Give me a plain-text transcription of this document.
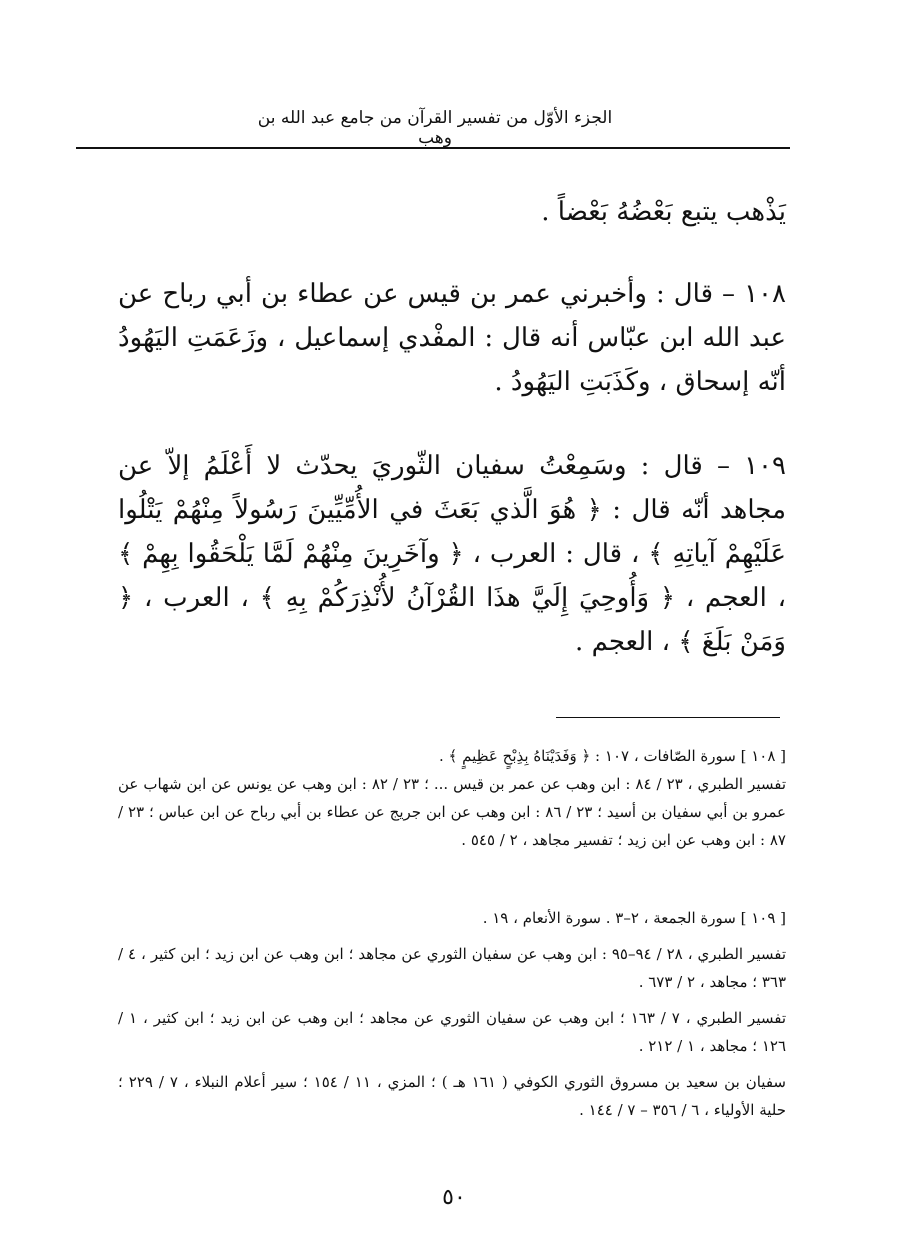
الجزء الأوّل من تفسير القرآن من جامع عبد الله بن وهب

يَذْهب يتبع بَعْضُهُ بَعْضاً .

١٠٨ – قال : وأخبرني عمر بن قيس عن عطاء بن أبي رباح عن عبد الله ابن عبّاس أنه قال : المفْدي إسماعيل ، وزَعَمَتِ اليَهُودُ أنّه إسحاق ، وكَذَبَتِ اليَهُودُ .

١٠٩ – قال : وسَمِعْتُ سفيان الثّوريَ يحدّث لا أَعْلَمُ إلاّ عن مجاهد أنّه قال : ﴿ هُوَ الَّذي بَعَثَ في الأُمِّيِّينَ رَسُولاً مِنْهُمْ يَتْلُوا عَلَيْهِمْ آياتِهِ ﴾ ، قال : العرب ، ﴿ وآخَرِينَ مِنْهُمْ لَمَّا يَلْحَقُوا بِهِمْ ﴾ ، العجم ، ﴿ وَأُوحِيَ إِلَيَّ هذَا القُرْآنُ لأُنْذِرَكُمْ بِهِ ﴾ ، العرب ، ﴿ وَمَنْ بَلَغَ ﴾ ، العجم .

[ ١٠٨ ] سورة الصّافات ، ١٠٧ : ﴿ وَفَدَيْنَاهُ بِذِبْحٍ عَظِيمٍ ﴾ .

تفسير الطبري ، ٢٣ / ٨٤ : ابن وهب عن عمر بن قيس ... ؛ ٢٣ / ٨٢ : ابن وهب عن يونس عن ابن شهاب عن عمرو بن أبي سفيان بن أسيد ؛ ٢٣ / ٨٦ : ابن وهب عن ابن جريج عن عطاء بن أبي رباح عن ابن عباس ؛ ٢٣ / ٨٧ : ابن وهب عن ابن زيد ؛ تفسير مجاهد ، ٢ / ٥٤٥ .

[ ١٠٩ ] سورة الجمعة ، ٢–٣ . سورة الأنعام ، ١٩ .

تفسير الطبري ، ٢٨ / ٩٤–٩٥ : ابن وهب عن سفيان الثوري عن مجاهد ؛ ابن وهب عن ابن زيد ؛ ابن كثير ، ٤ / ٣٦٣ ؛ مجاهد ، ٢ / ٦٧٣ .

تفسير الطبري ، ٧ / ١٦٣ ؛ ابن وهب عن سفيان الثوري عن مجاهد ؛ ابن وهب عن ابن زيد ؛ ابن كثير ، ١ / ١٢٦ ؛ مجاهد ، ١ / ٢١٢ .

سفيان بن سعيد بن مسروق الثوري الكوفي ( ١٦١ هـ ) ؛ المزي ، ١١ / ١٥٤ ؛ سير أعلام النبلاء ، ٧ / ٢٢٩ ؛ حلية الأولياء ، ٦ / ٣٥٦ – ٧ / ١٤٤ .

٥٠
